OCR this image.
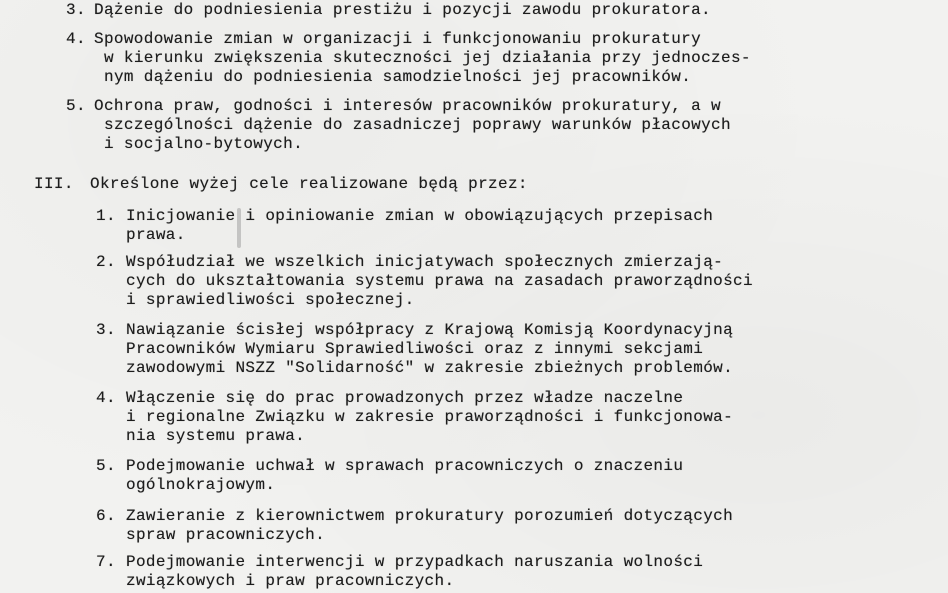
3. Dążenie do podniesienia prestiżu i pozycji zawodu prokuratora.
4. Spowodowanie zmian w organizacji i funkcjonowaniu prokuratury
w kierunku zwiększenia skuteczności jej działania przy jednoczes-
nym dążeniu do podniesienia samodzielności jej pracowników.
5. Ochrona praw, godności i interesów pracowników prokuratury, a w
szczególności dążenie do zasadniczej poprawy warunków płacowych
i socjalno-bytowych.
III. Określone wyżej cele realizowane będą przez:
1. Inicjowanie i opiniowanie zmian w obowiązujących przepisach
prawa.
2. Współudział we wszelkich inicjatywach społecznych zmierzają-
cych do ukształtowania systemu prawa na zasadach praworządności
i sprawiedliwości społecznej.
3. Nawiązanie ścisłej współpracy z Krajową Komisją Koordynacyjną
Pracowników Wymiaru Sprawiedliwości oraz z innymi sekcjami
zawodowymi NSZZ "Solidarność" w zakresie zbieżnych problemów.
4. Włączenie się do prac prowadzonych przez władze naczelne
i regionalne Związku w zakresie praworządności i funkcjonowa-
nia systemu prawa.
5. Podejmowanie uchwał w sprawach pracowniczych o znaczeniu
ogólnokrajowym.
6. Zawieranie z kierownictwem prokuratury porozumień dotyczących
spraw pracowniczych.
7. Podejmowanie interwencji w przypadkach naruszania wolności
związkowych i praw pracowniczych.
